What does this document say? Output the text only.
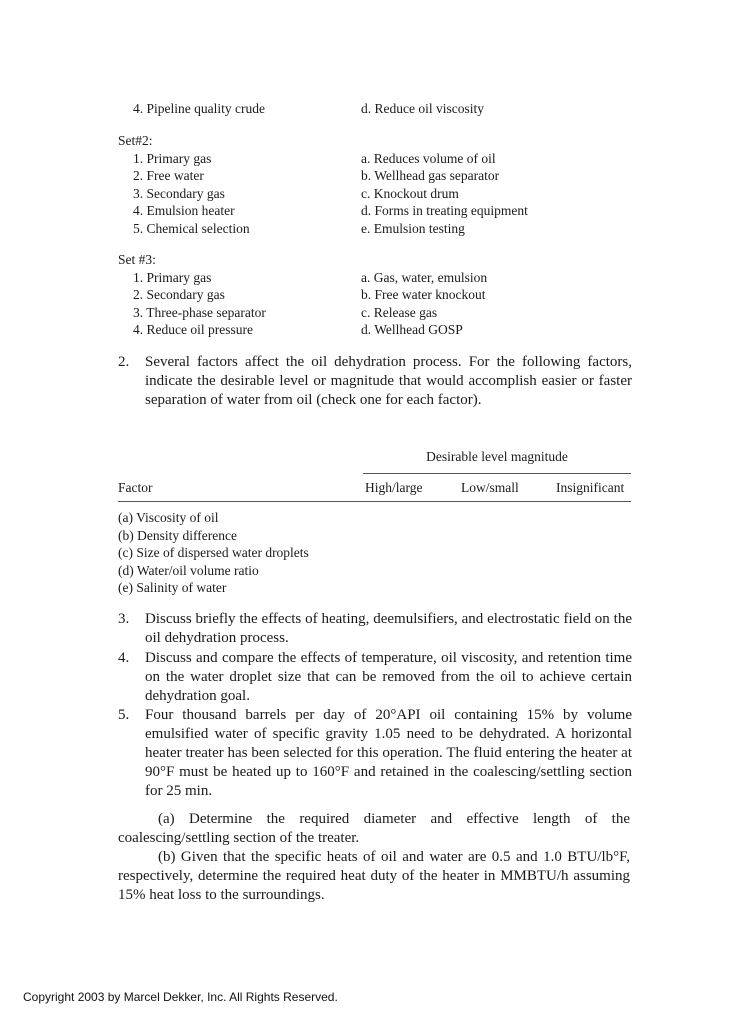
4. Pipeline quality crude	d. Reduce oil viscosity
Set#2:
1. Primary gas	a. Reduces volume of oil
2. Free water	b. Wellhead gas separator
3. Secondary gas	c. Knockout drum
4. Emulsion heater	d. Forms in treating equipment
5. Chemical selection	e. Emulsion testing
Set #3:
1. Primary gas	a. Gas, water, emulsion
2. Secondary gas	b. Free water knockout
3. Three-phase separator	c. Release gas
4. Reduce oil pressure	d. Wellhead GOSP
2. Several factors affect the oil dehydration process. For the following factors, indicate the desirable level or magnitude that would accomplish easier or faster separation of water from oil (check one for each factor).
Desirable level magnitude
Factor	High/large	Low/small	Insignificant
(a) Viscosity of oil
(b) Density difference
(c) Size of dispersed water droplets
(d) Water/oil volume ratio
(e) Salinity of water
3. Discuss briefly the effects of heating, deemulsifiers, and electrostatic field on the oil dehydration process.
4. Discuss and compare the effects of temperature, oil viscosity, and retention time on the water droplet size that can be removed from the oil to achieve certain dehydration goal.
5. Four thousand barrels per day of 20°API oil containing 15% by volume emulsified water of specific gravity 1.05 need to be dehydrated. A horizontal heater treater has been selected for this operation. The fluid entering the heater at 90°F must be heated up to 160°F and retained in the coalescing/settling section for 25 min.
(a) Determine the required diameter and effective length of the coalescing/settling section of the treater.
(b) Given that the specific heats of oil and water are 0.5 and 1.0 BTU/lb°F, respectively, determine the required heat duty of the heater in MMBTU/h assuming 15% heat loss to the surroundings.
Copyright 2003 by Marcel Dekker, Inc. All Rights Reserved.
